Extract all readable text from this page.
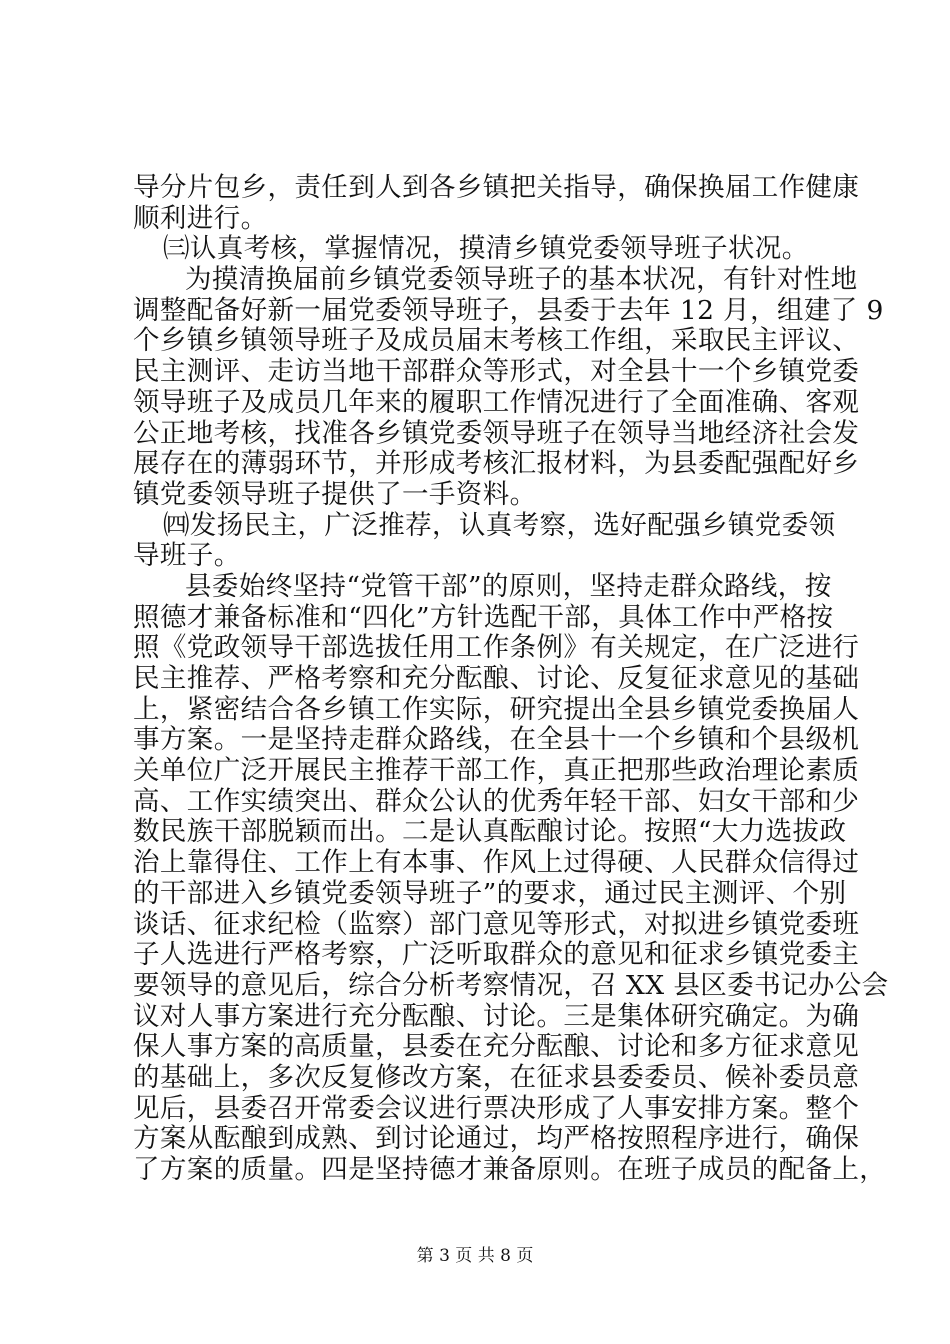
导分片包乡，责任到人到各乡镇把关指导，确保换届工作健康
顺利进行。
㈢认真考核，掌握情况，摸清乡镇党委领导班子状况。
为摸清换届前乡镇党委领导班子的基本状况，有针对性地
调整配备好新一届党委领导班子，县委于去年 12 月，组建了 9
个乡镇乡镇领导班子及成员届末考核工作组，采取民主评议、
民主测评、走访当地干部群众等形式，对全县十一个乡镇党委
领导班子及成员几年来的履职工作情况进行了全面准确、客观
公正地考核，找准各乡镇党委领导班子在领导当地经济社会发
展存在的薄弱环节，并形成考核汇报材料，为县委配强配好乡
镇党委领导班子提供了一手资料。
㈣发扬民主，广泛推荐，认真考察，选好配强乡镇党委领
导班子。
县委始终坚持“党管干部”的原则，坚持走群众路线，按
照德才兼备标准和“四化”方针选配干部，具体工作中严格按
照《党政领导干部选拔任用工作条例》有关规定，在广泛进行
民主推荐、严格考察和充分酝酿、讨论、反复征求意见的基础
上，紧密结合各乡镇工作实际，研究提出全县乡镇党委换届人
事方案。一是坚持走群众路线，在全县十一个乡镇和个县级机
关单位广泛开展民主推荐干部工作，真正把那些政治理论素质
高、工作实绩突出、群众公认的优秀年轻干部、妇女干部和少
数民族干部脱颖而出。二是认真酝酿讨论。按照“大力选拔政
治上靠得住、工作上有本事、作风上过得硬、人民群众信得过
的干部进入乡镇党委领导班子”的要求，通过民主测评、个别
谈话、征求纪检（监察）部门意见等形式，对拟进乡镇党委班
子人选进行严格考察，广泛听取群众的意见和征求乡镇党委主
要领导的意见后，综合分析考察情况，召 XX 县区委书记办公会
议对人事方案进行充分酝酿、讨论。三是集体研究确定。为确
保人事方案的高质量，县委在充分酝酿、讨论和多方征求意见
的基础上，多次反复修改方案，在征求县委委员、候补委员意
见后，县委召开常委会议进行票决形成了人事安排方案。整个
方案从酝酿到成熟、到讨论通过，均严格按照程序进行，确保
了方案的质量。四是坚持德才兼备原则。在班子成员的配备上，
第 3 页 共 8 页
